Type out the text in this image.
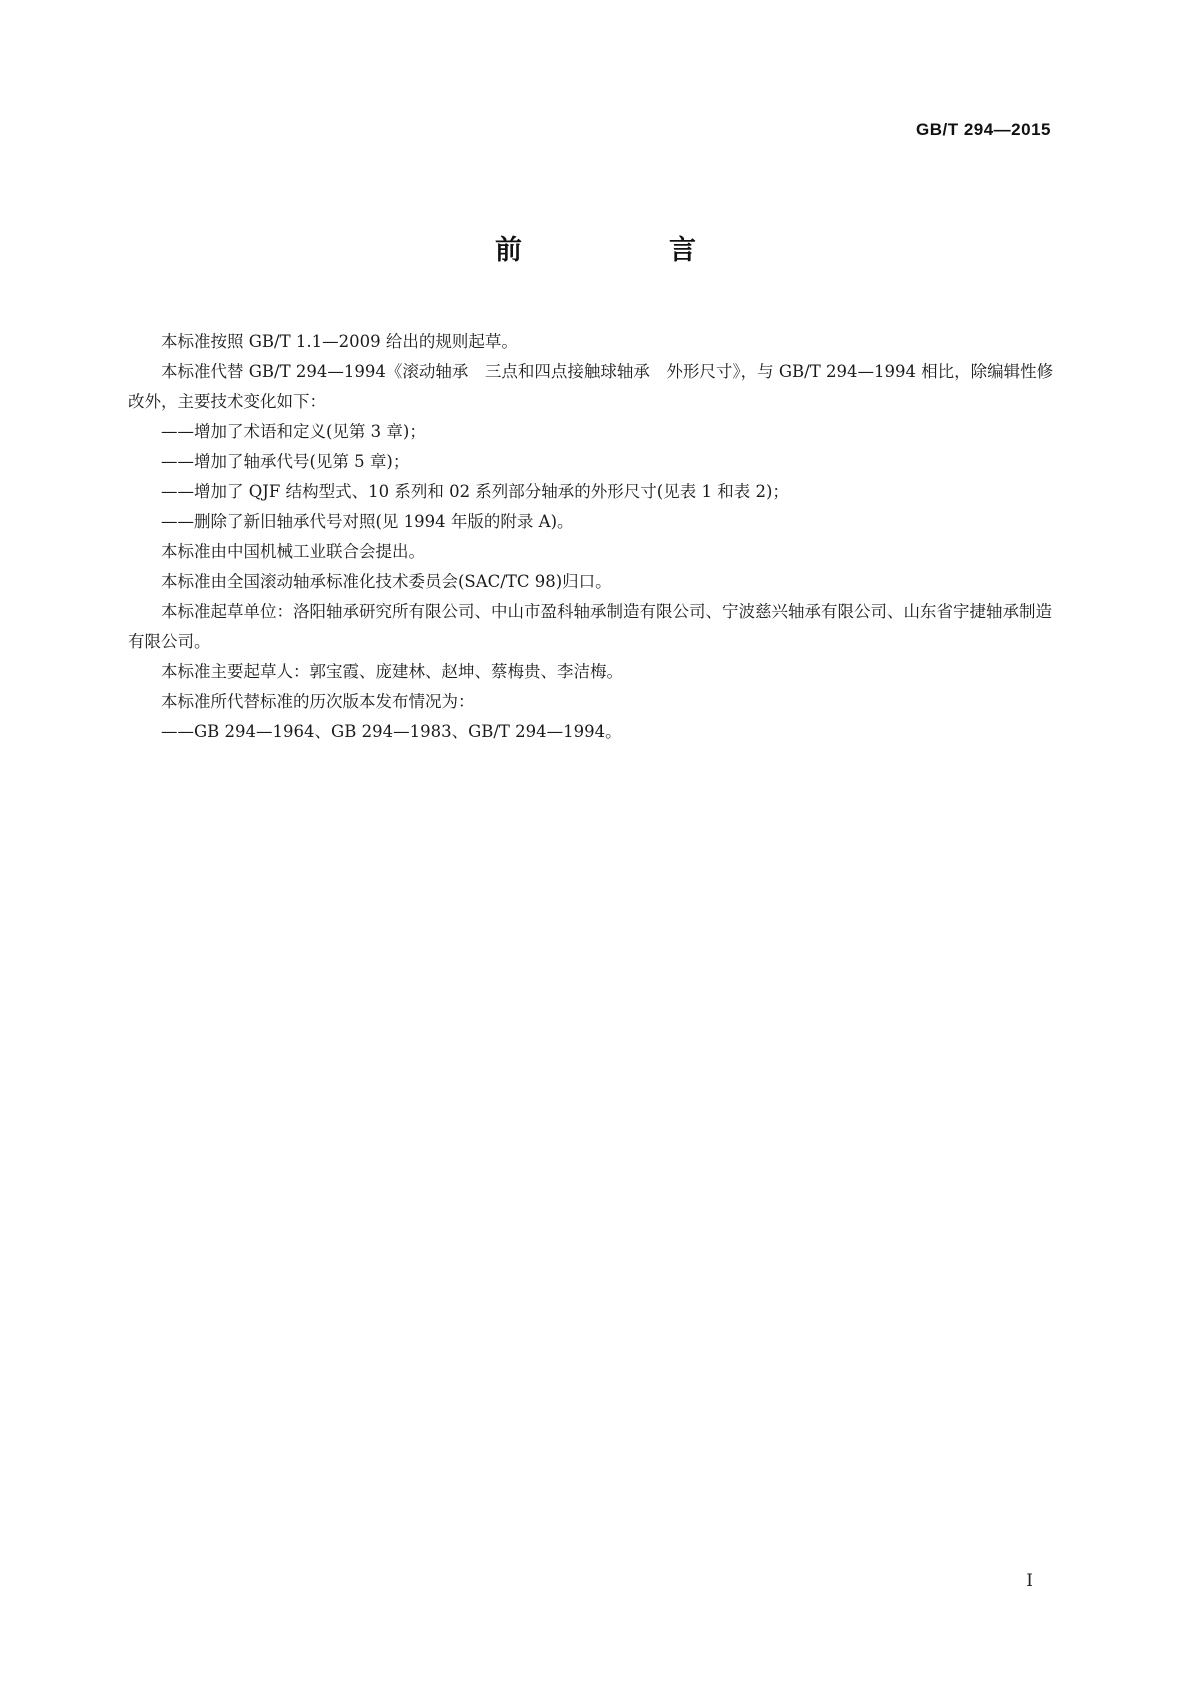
GB/T 294—2015
前　言

本标准按照 GB/T 1.1—2009 给出的规则起草。

本标准代替 GB/T 294—1994《滚动轴承　三点和四点接触球轴承　外形尺寸》，与 GB/T 294—1994 相比，除编辑性修改外，主要技术变化如下：

——增加了术语和定义(见第 3 章)；

——增加了轴承代号(见第 5 章)；

——增加了 QJF 结构型式、10 系列和 02 系列部分轴承的外形尺寸(见表 1 和表 2)；

——删除了新旧轴承代号对照(见 1994 年版的附录 A)。

本标准由中国机械工业联合会提出。

本标准由全国滚动轴承标准化技术委员会(SAC/TC 98)归口。

本标准起草单位：洛阳轴承研究所有限公司、中山市盈科轴承制造有限公司、宁波慈兴轴承有限公司、山东省宇捷轴承制造有限公司。

本标准主要起草人：郭宝霞、庞建林、赵坤、蔡梅贵、李洁梅。

本标准所代替标准的历次版本发布情况为：

——GB 294—1964、GB 294—1983、GB/T 294—1994。

I
